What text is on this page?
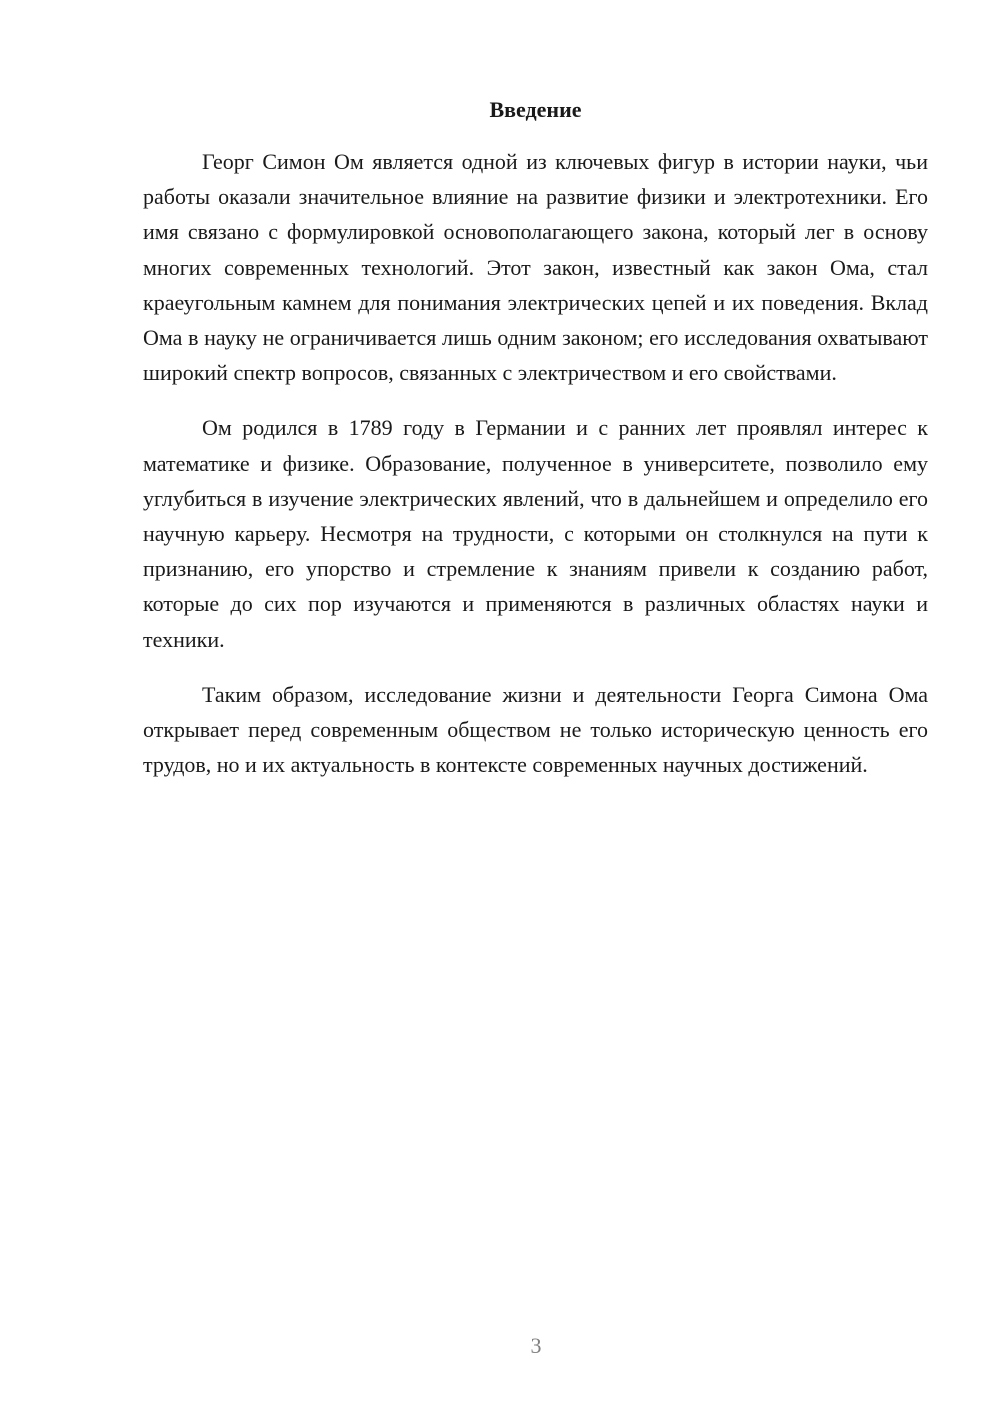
Введение

Георг Симон Ом является одной из ключевых фигур в истории науки, чьи работы оказали значительное влияние на развитие физики и электротехники. Его имя связано с формулировкой основополагающего закона, который лег в основу многих современных технологий. Этот закон, известный как закон Ома, стал краеугольным камнем для понимания электрических цепей и их поведения. Вклад Ома в науку не ограничивается лишь одним законом; его исследования охватывают широкий спектр вопросов, связанных с электричеством и его свойствами.

Ом родился в 1789 году в Германии и с ранних лет проявлял интерес к математике и физике. Образование, полученное в университете, позволило ему углубиться в изучение электрических явлений, что в дальнейшем и определило его научную карьеру. Несмотря на трудности, с которыми он столкнулся на пути к признанию, его упорство и стремление к знаниям привели к созданию работ, которые до сих пор изучаются и применяются в различных областях науки и техники.

Таким образом, исследование жизни и деятельности Георга Симона Ома открывает перед современным обществом не только историческую ценность его трудов, но и их актуальность в контексте современных научных достижений.

3
